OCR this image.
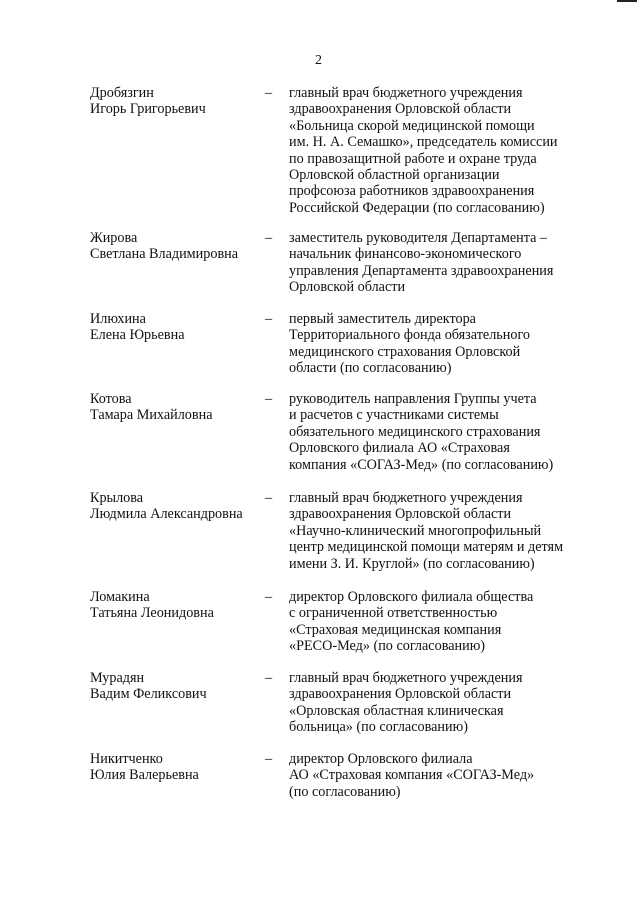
2
Дробязгин
Игорь Григорьевич
– главный врач бюджетного учреждения
здравоохранения Орловской области
«Больница скорой медицинской помощи
им. Н. А. Семашко», председатель комиссии
по правозащитной работе и охране труда
Орловской областной организации
профсоюза работников здравоохранения
Российской Федерации (по согласованию)
Жирова
Светлана Владимировна
– заместитель руководителя Департамента –
начальник финансово-экономического
управления Департамента здравоохранения
Орловской области
Илюхина
Елена Юрьевна
– первый заместитель директора
Территориального фонда обязательного
медицинского страхования Орловской
области (по согласованию)
Котова
Тамара Михайловна
– руководитель направления Группы учета
и расчетов с участниками системы
обязательного медицинского страхования
Орловского филиала АО «Страховая
компания «СОГАЗ-Мед» (по согласованию)
Крылова
Людмила Александровна
– главный врач бюджетного учреждения
здравоохранения Орловской области
«Научно-клинический многопрофильный
центр медицинской помощи матерям и детям
имени З. И. Круглой» (по согласованию)
Ломакина
Татьяна Леонидовна
– директор Орловского филиала общества
с ограниченной ответственностью
«Страховая медицинская компания
«РЕСО-Мед» (по согласованию)
Мурадян
Вадим Феликсович
– главный врач бюджетного учреждения
здравоохранения Орловской области
«Орловская областная клиническая
больница» (по согласованию)
Никитченко
Юлия Валерьевна
– директор Орловского филиала
АО «Страховая компания «СОГАЗ-Мед»
(по согласованию)
